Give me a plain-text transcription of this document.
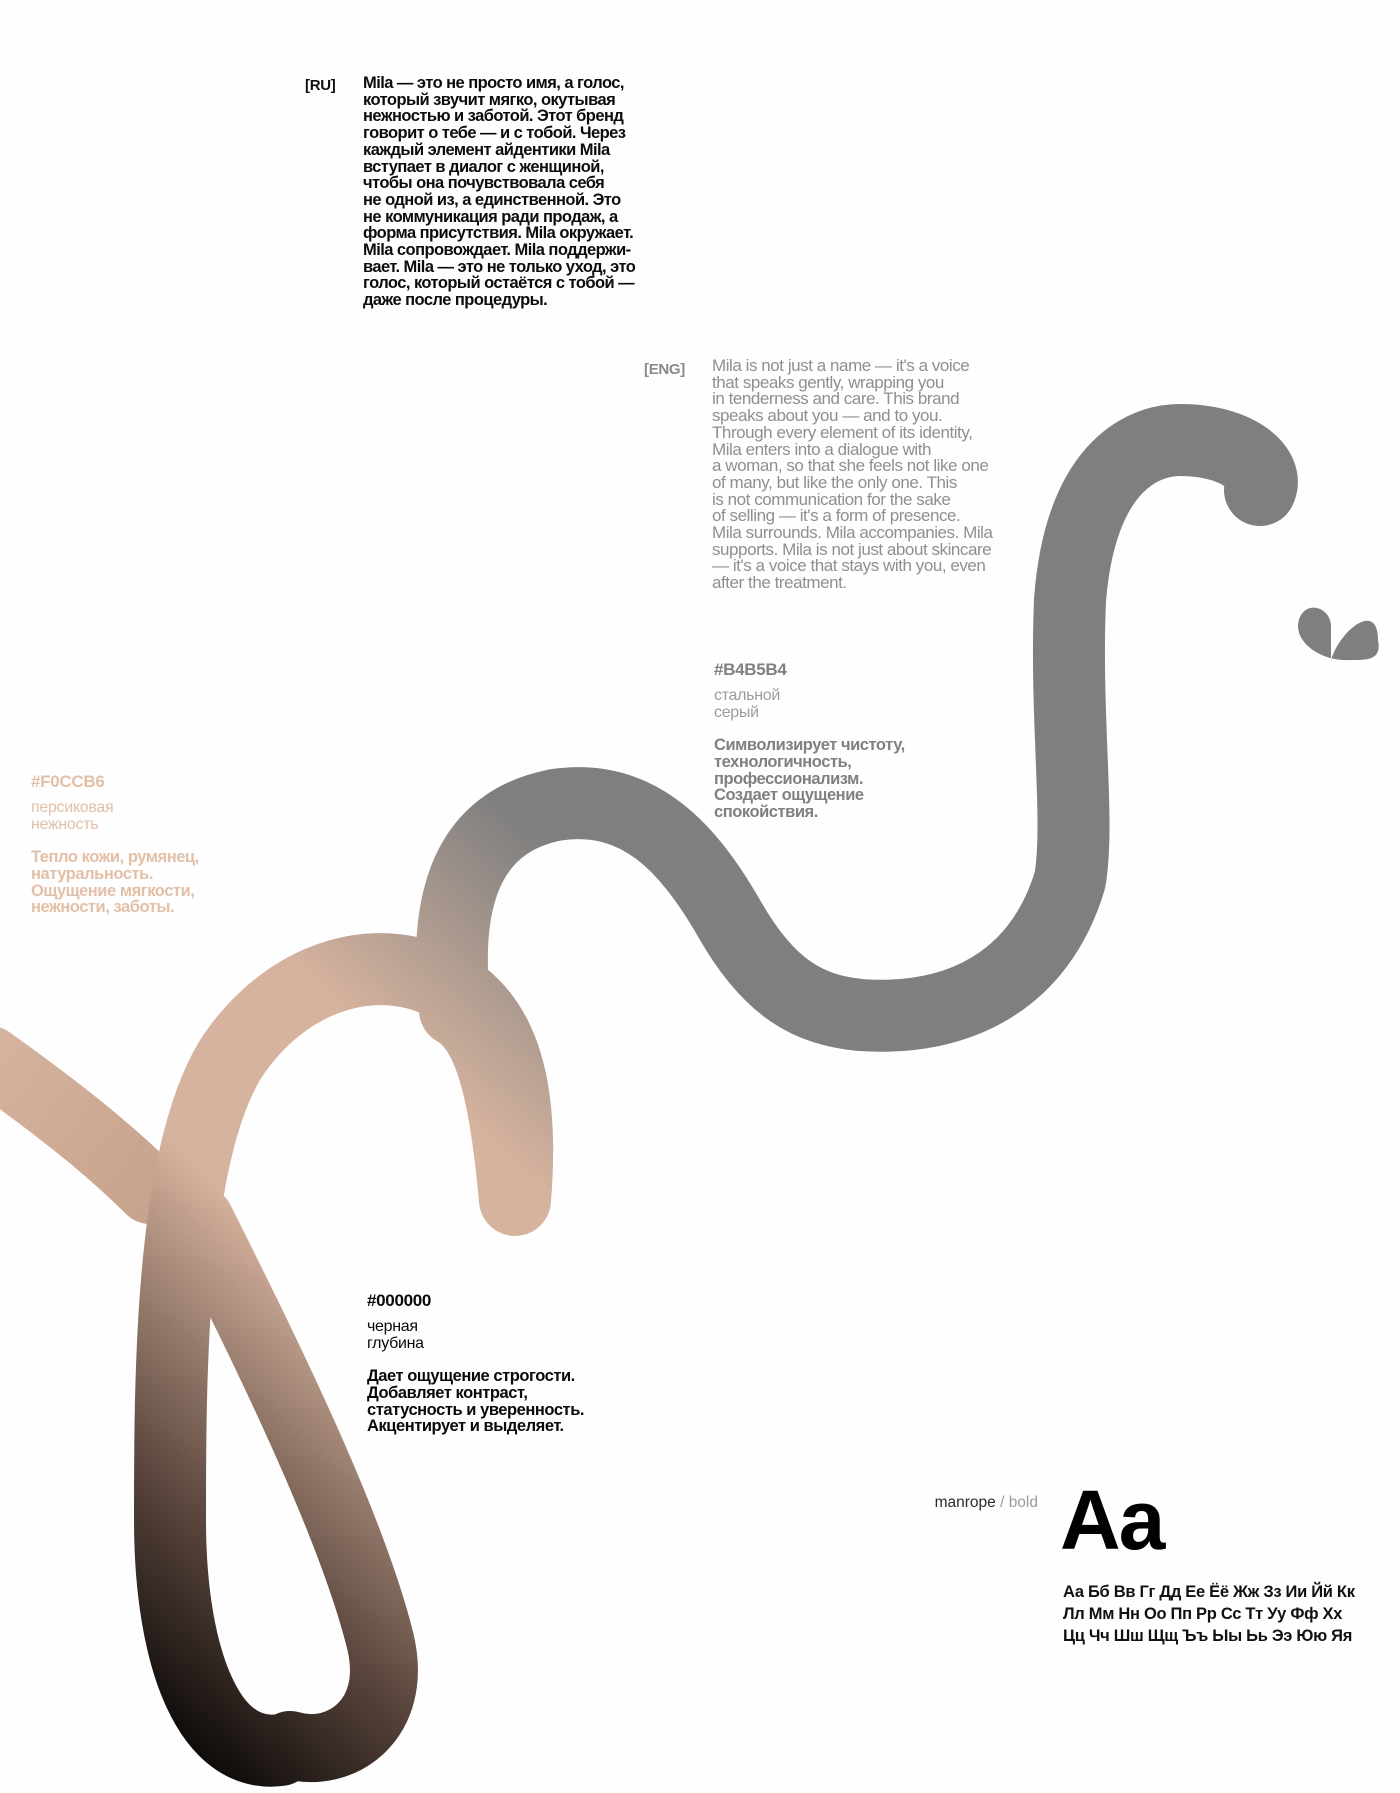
[RU] Mila — это не просто имя, а голос,
который звучит мягко, окутывая
нежностью и заботой. Этот бренд
говорит о тебе — и с тобой. Через
каждый элемент айдентики Mila
вступает в диалог с женщиной,
чтобы она почувствовала себя
не одной из, а единственной. Это
не коммуникация ради продаж, а
форма присутствия. Mila окружает.
Mila сопровождает. Mila поддержи-
вает. Mila — это не только уход, это
голос, который остаётся с тобой —
даже после процедуры.
[ENG] Mila is not just a name — it's a voice
that speaks gently, wrapping you
in tenderness and care. This brand
speaks about you — and to you.
Through every element of its identity,
Mila enters into a dialogue with
a woman, so that she feels not like one
of many, but like the only one. This
is not communication for the sake
of selling — it's a form of presence.
Mila surrounds. Mila accompanies. Mila
supports. Mila is not just about skincare
— it's a voice that stays with you, even
after the treatment.
#B4B5B4
стальной
серый
Символизирует чистоту,
технологичность,
профессионализм.
Создает ощущение
спокойствия.
#F0CCB6
персиковая
нежность
Тепло кожи, румянец,
натуральность.
Ощущение мягкости,
нежности, заботы.
#000000
черная
глубина
Дает ощущение строгости.
Добавляет контраст,
статусность и уверенность.
Акцентирует и выделяет.
manrope / bold Aa
Аа Бб Вв Гг Дд Ее Ёё Жж Зз Ии Йй Кк
Лл Мм Нн Оо Пп Рр Сс Тт Уу Фф Хх
Цц Чч Шш Щщ Ъъ Ыы Ьь Ээ Юю Яя
